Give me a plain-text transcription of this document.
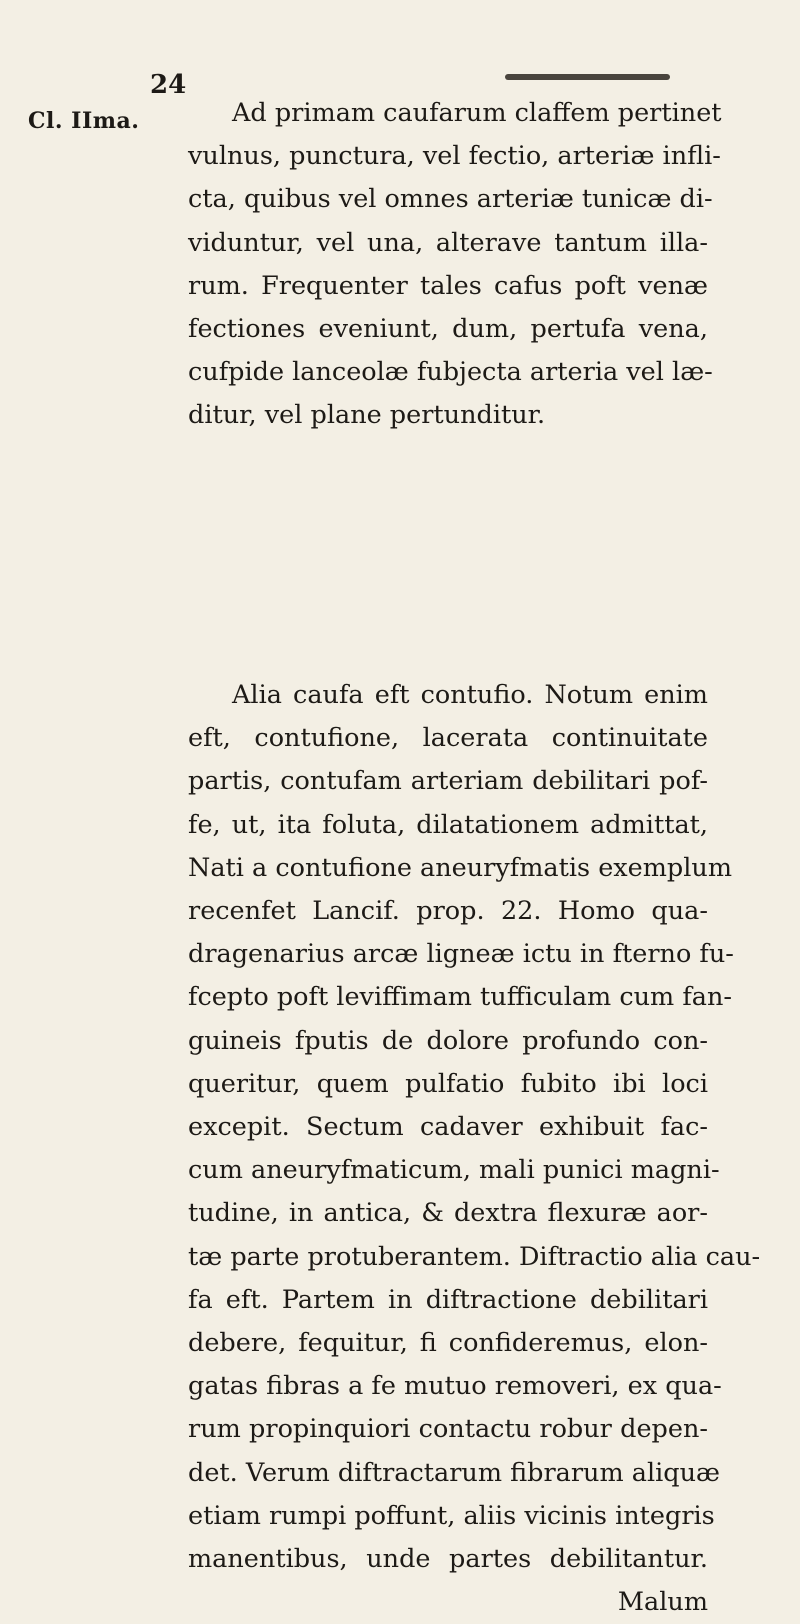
24
Cl. IIma.	Ad primam caufarum claffem pertinet
vulnus, punctura, vel fectio, arteriæ infli-
cta, quibus vel omnes arteriæ tunicæ di-
viduntur, vel una, alterave tantum illa-
rum. Frequenter tales cafus poft venæ
fectiones eveniunt, dum, pertufa vena,
cufpide lanceolæ fubjecta arteria vel læ-
ditur, vel plane pertunditur.
Alia caufa eft contufio. Notum enim
eft, contufione, lacerata continuitate
partis, contufam arteriam debilitari pof-
fe, ut, ita foluta, dilatationem admittat,
Nati a contufione aneuryfmatis exemplum
recenfet Lancif. prop. 22. Homo qua-
dragenarius arcæ ligneæ ictu in fterno fu-
fcepto poft leviffimam tufficulam cum fan-
guineis fputis de dolore profundo con-
queritur, quem pulfatio fubito ibi loci
excepit. Sectum cadaver exhibuit fac-
cum aneuryfmaticum, mali punici magni-
tudine, in antica, & dextra flexuræ aor-
tæ parte protuberantem. Diftractio alia cau-
fa eft. Partem in diftractione debilitari
debere, fequitur, fi confideremus, elon-
gatas fibras a fe mutuo removeri, ex qua-
rum propinquiori contactu robur depen-
det. Verum diftractarum fibrarum aliquæ
etiam rumpi poffunt, aliis vicinis integris
manentibus, unde partes debilitantur.
Malum
